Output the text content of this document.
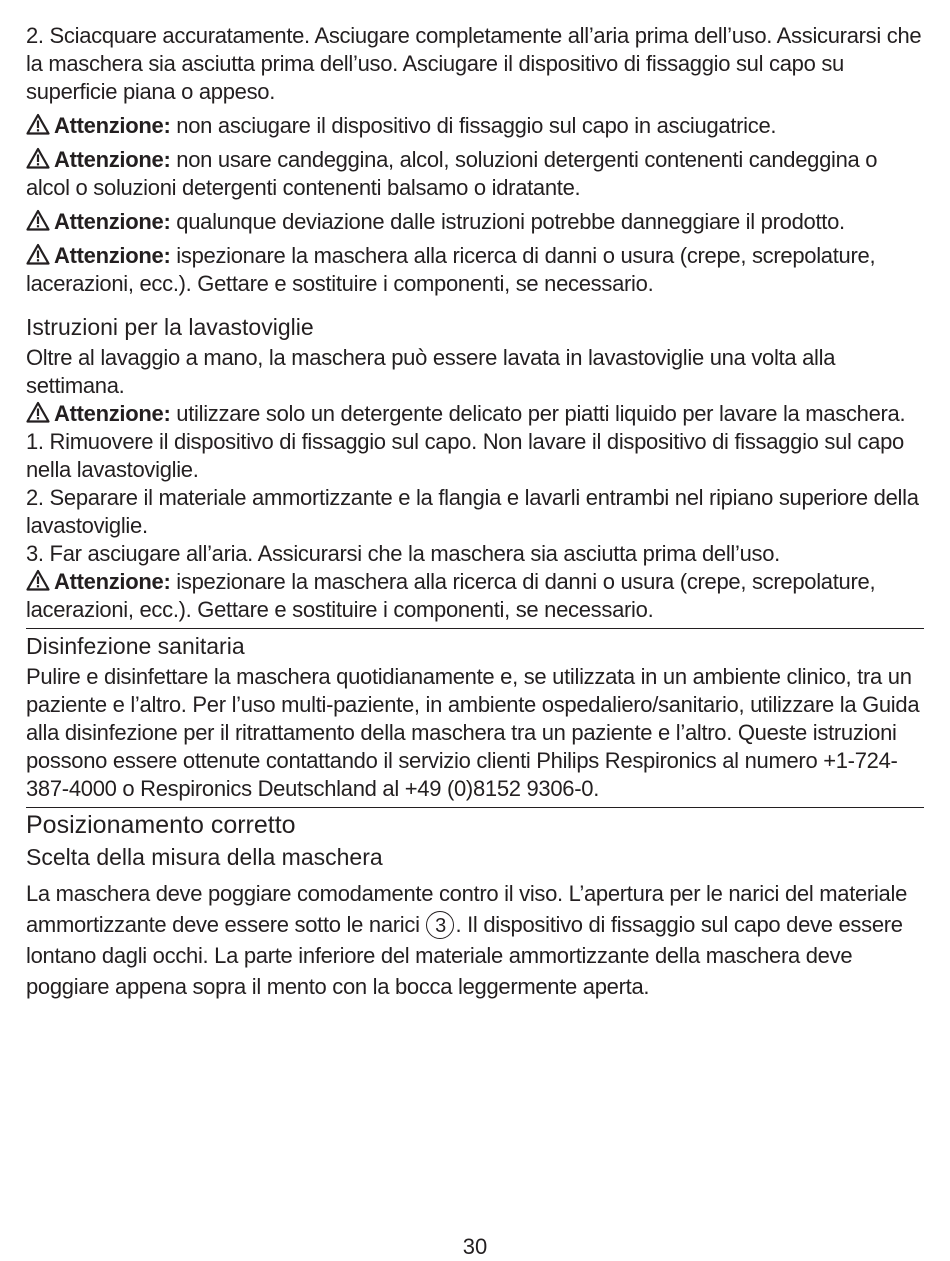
2. Sciacquare accuratamente. Asciugare completamente all’aria prima dell’uso. Assicurarsi che la maschera sia asciutta prima dell’uso. Asciugare il dispositivo di fissaggio sul capo su superficie piana o appeso.

Attenzione: non asciugare il dispositivo di fissaggio sul capo in asciugatrice.

Attenzione: non usare candeggina, alcol, soluzioni detergenti contenenti candeggina o alcol o soluzioni detergenti contenenti balsamo o idratante.

Attenzione: qualunque deviazione dalle istruzioni potrebbe danneggiare il prodotto.

Attenzione: ispezionare la maschera alla ricerca di danni o usura (crepe, screpolature, lacerazioni, ecc.). Gettare e sostituire i componenti, se necessario.

Istruzioni per la lavastoviglie

Oltre al lavaggio a mano, la maschera può essere lavata in lavastoviglie una volta alla settimana.

Attenzione: utilizzare solo un detergente delicato per piatti liquido per lavare la maschera.

1. Rimuovere il dispositivo di fissaggio sul capo. Non lavare il dispositivo di fissaggio sul capo nella lavastoviglie.

2. Separare il materiale ammortizzante e la flangia e lavarli entrambi nel ripiano superiore della lavastoviglie.

3. Far asciugare all’aria. Assicurarsi che la maschera sia asciutta prima dell’uso.

Attenzione: ispezionare la maschera alla ricerca di danni o usura (crepe, screpolature, lacerazioni, ecc.). Gettare e sostituire i componenti, se necessario.

Disinfezione sanitaria

Pulire e disinfettare la maschera quotidianamente e, se utilizzata in un ambiente clinico, tra un paziente e l’altro. Per l’uso multi-paziente, in ambiente ospedaliero/sanitario, utilizzare la Guida alla disinfezione per il ritrattamento della maschera tra un paziente e l’altro. Queste istruzioni possono essere ottenute contattando il servizio clienti Philips Respironics al numero +1-724-387-4000 o Respironics Deutschland al +49 (0)8152 9306-0.

Posizionamento corretto
Scelta della misura della maschera

La maschera deve poggiare comodamente contro il viso. L’apertura per le narici del materiale ammortizzante deve essere sotto le narici 3 . Il dispositivo di fissaggio sul capo deve essere lontano dagli occhi. La parte inferiore del materiale ammortizzante della maschera deve poggiare appena sopra il mento con la bocca leggermente aperta.

30
